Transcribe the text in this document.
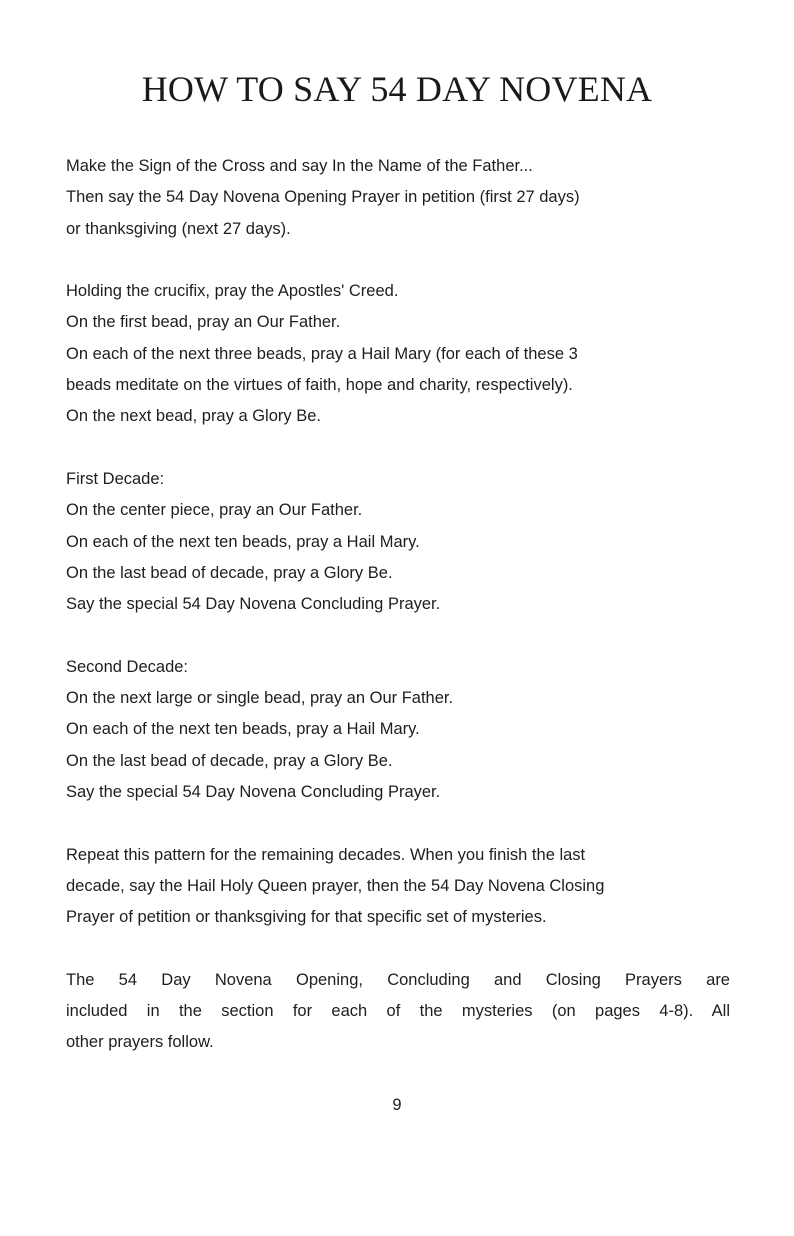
HOW TO SAY 54 DAY NOVENA

Make the Sign of the Cross and say In the Name of the Father...
Then say the 54 Day Novena Opening Prayer in petition (first 27 days)
or thanksgiving (next 27 days).

Holding the crucifix, pray the Apostles' Creed.
On the first bead, pray an Our Father.
On each of the next three beads, pray a Hail Mary (for each of these 3
beads meditate on the virtues of faith, hope and charity, respectively).
On the next bead, pray a Glory Be.

First Decade:
On the center piece, pray an Our Father.
On each of the next ten beads, pray a Hail Mary.
On the last bead of decade, pray a Glory Be.
Say the special 54 Day Novena Concluding Prayer.

Second Decade:
On the next large or single bead, pray an Our Father.
On each of the next ten beads, pray a Hail Mary.
On the last bead of decade, pray a Glory Be.
Say the special 54 Day Novena Concluding Prayer.

Repeat this pattern for the remaining decades. When you finish the last
decade, say the Hail Holy Queen prayer, then the 54 Day Novena Closing
Prayer of petition or thanksgiving for that specific set of mysteries.

The 54 Day Novena Opening, Concluding and Closing Prayers are
included in the section for each of the mysteries (on pages 4-8). All
other prayers follow.

9
